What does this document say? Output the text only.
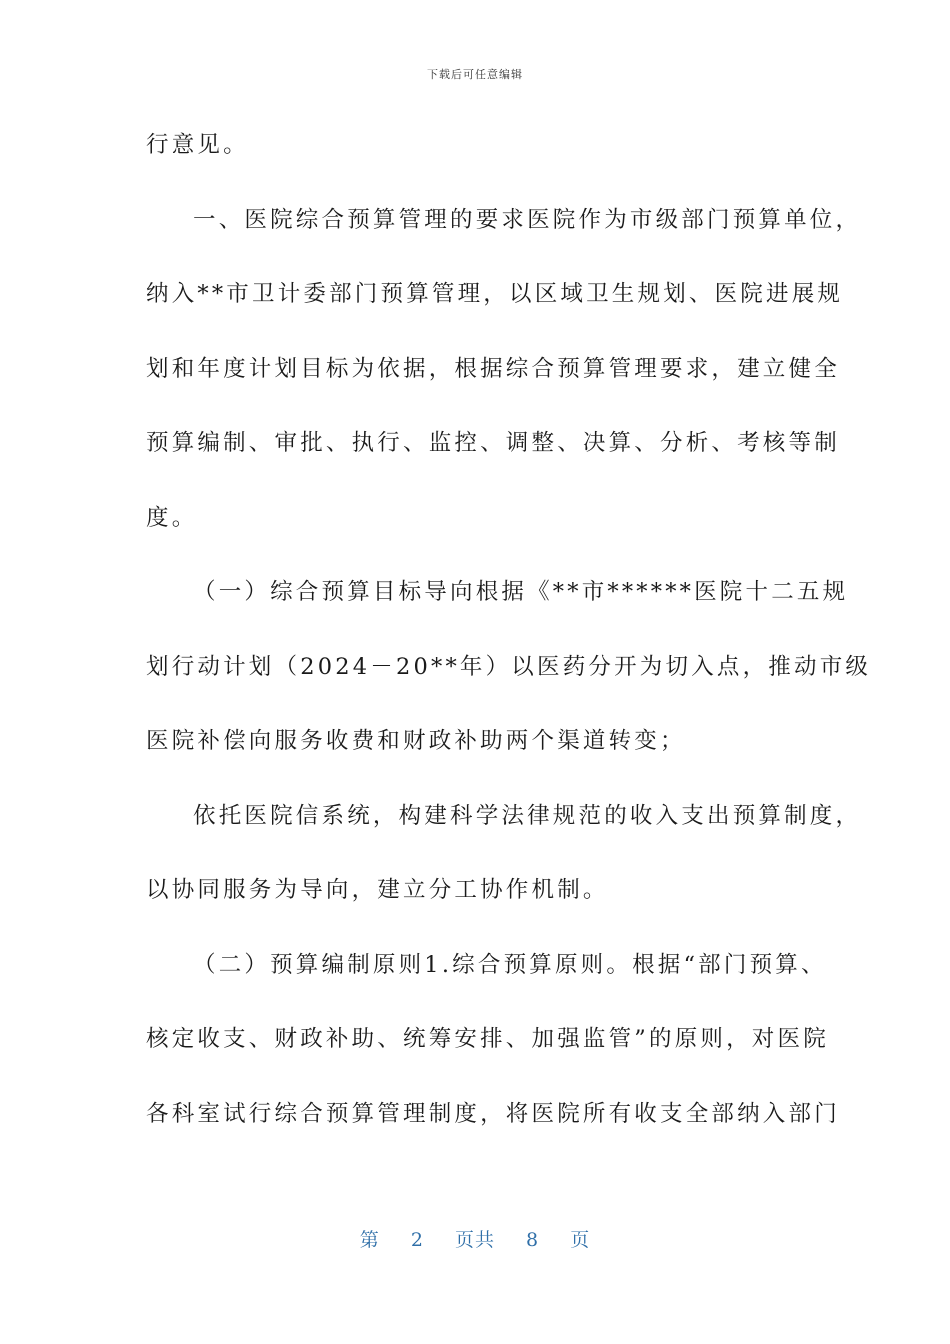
下载后可任意编辑
行意见。
一、医院综合预算管理的要求医院作为市级部门预算单位，
纳入**市卫计委部门预算管理，以区域卫生规划、医院进展规
划和年度计划目标为依据，根据综合预算管理要求，建立健全
预算编制、审批、执行、监控、调整、决算、分析、考核等制
度。
（一）综合预算目标导向根据《**市******医院十二五规
划行动计划（2024－20**年）以医药分开为切入点，推动市级
医院补偿向服务收费和财政补助两个渠道转变；
依托医院信系统，构建科学法律规范的收入支出预算制度，
以协同服务为导向，建立分工协作机制。
（二）预算编制原则1.综合预算原则。根据“部门预算、
核定收支、财政补助、统筹安排、加强监管”的原则，对医院
各科室试行综合预算管理制度，将医院所有收支全部纳入部门
第 2 页共 8 页
